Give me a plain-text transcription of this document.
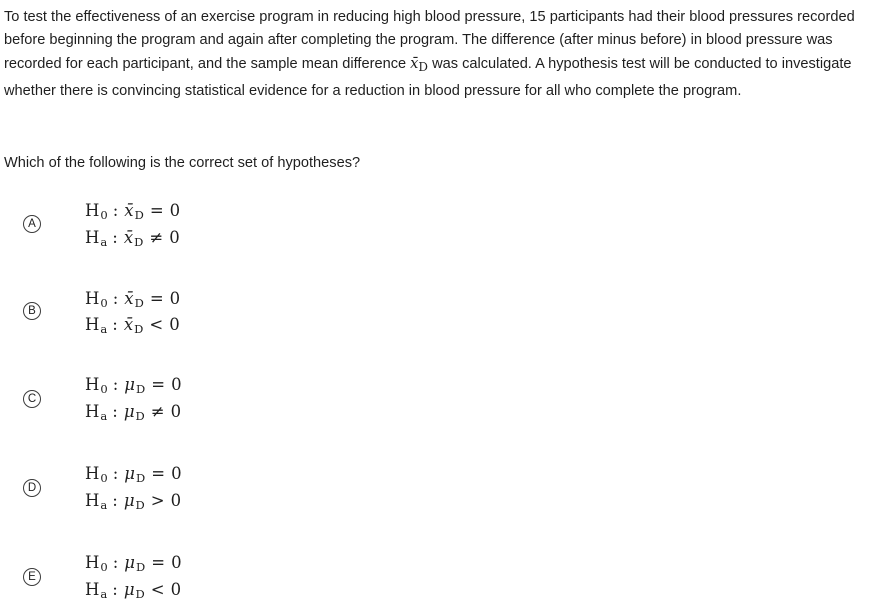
To test the effectiveness of an exercise program in reducing high blood pressure, 15 participants had their blood pressures recorded before beginning the program and again after completing the program. The difference (after minus before) in blood pressure was recorded for each participant, and the sample mean difference $x̄_D$ was calculated. A hypothesis test will be conducted to investigate whether there is convincing statistical evidence for a reduction in blood pressure for all who complete the program.

Which of the following is the correct set of hypotheses?

A
H0 : x̄D = 0
Ha : x̄D ≠ 0
B
H0 : x̄D = 0
Ha : x̄D < 0
C
H0 : μD = 0
Ha : μD ≠ 0
D
H0 : μD = 0
Ha : μD > 0
E
H0 : μD = 0
Ha : μD < 0
